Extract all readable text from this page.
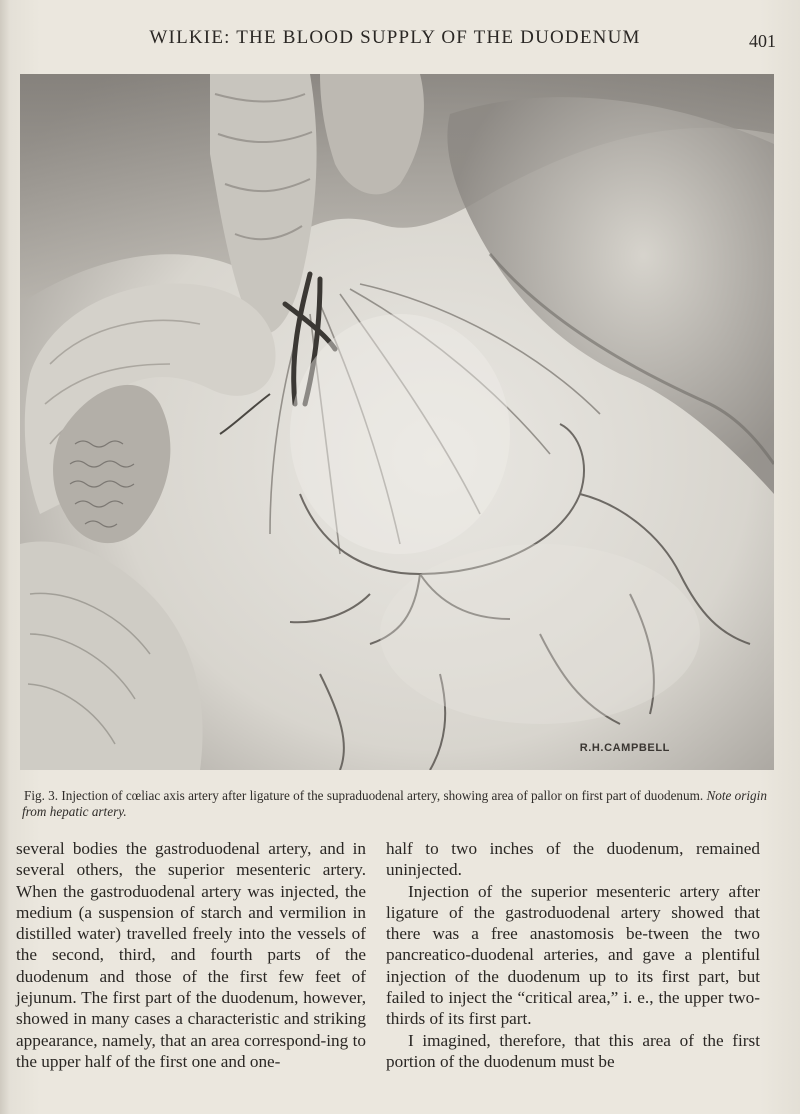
WILKIE: THE BLOOD SUPPLY OF THE DUODENUM	401
R.H.CAMPBELL
Fig. 3. Injection of cœliac axis artery after ligature of the supraduodenal artery, showing area of pallor on first part of duodenum. Note origin from hepatic artery.

several bodies the gastroduodenal artery, and in several others, the superior mesenteric artery. When the gastroduodenal artery was injected, the medium (a suspension of starch and vermilion in distilled water) travelled freely into the vessels of the second, third, and fourth parts of the duodenum and those of the first few feet of jejunum. The first part of the duodenum, however, showed in many cases a characteristic and striking appearance, namely, that an area correspond-ing to the upper half of the first one and one-

half to two inches of the duodenum, remained uninjected.

Injection of the superior mesenteric artery after ligature of the gastroduodenal artery showed that there was a free anastomosis be-tween the two pancreatico-duodenal arteries, and gave a plentiful injection of the duodenum up to its first part, but failed to inject the “critical area,” i. e., the upper two-thirds of its first part.

I imagined, therefore, that this area of the first portion of the duodenum must be
